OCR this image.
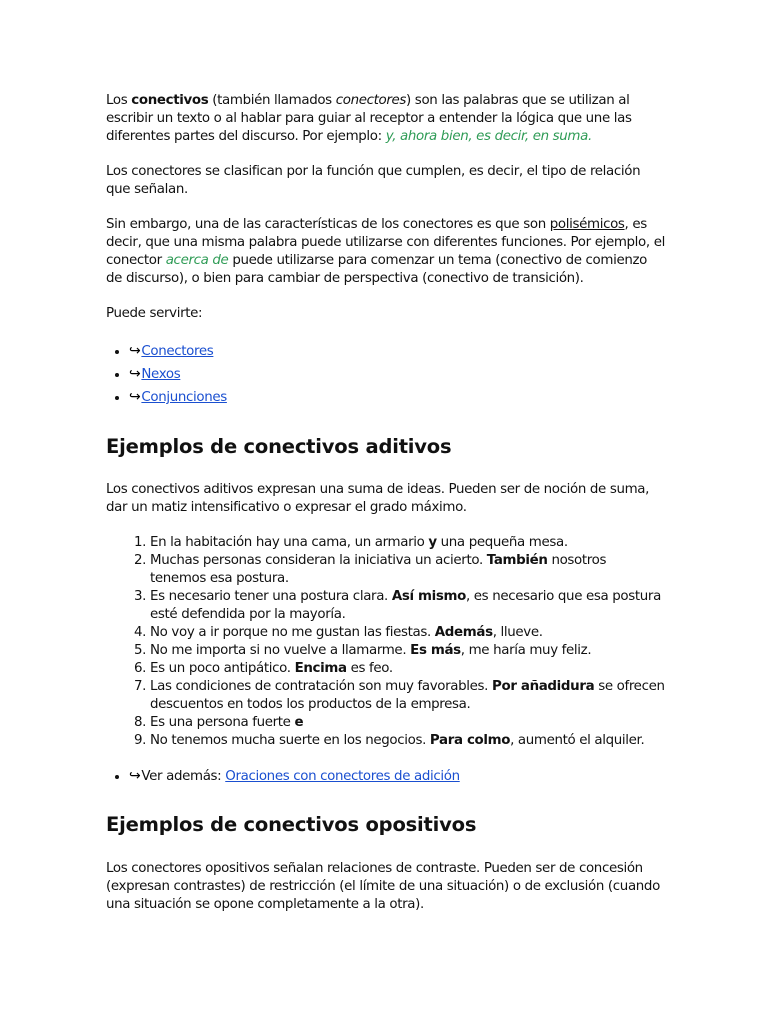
Los conectivos (también llamados conectores) son las palabras que se utilizan al escribir un texto o al hablar para guiar al receptor a entender la lógica que une las diferentes partes del discurso. Por ejemplo: y, ahora bien, es decir, en suma.

Los conectores se clasifican por la función que cumplen, es decir, el tipo de relación que señalan.

Sin embargo, una de las características de los conectores es que son polisémicos, es decir, que una misma palabra puede utilizarse con diferentes funciones. Por ejemplo, el conector acerca de puede utilizarse para comenzar un tema (conectivo de comienzo de discurso), o bien para cambiar de perspectiva (conectivo de transición).

Puede servirte:

• ↪Conectores
• ↪Nexos
• ↪Conjunciones
Ejemplos de conectivos aditivos

Los conectivos aditivos expresan una suma de ideas. Pueden ser de noción de suma, dar un matiz intensificativo o expresar el grado máximo.

1. En la habitación hay una cama, un armario y una pequeña mesa.
2. Muchas personas consideran la iniciativa un acierto. También nosotros tenemos esa postura.
3. Es necesario tener una postura clara. Así mismo, es necesario que esa postura esté defendida por la mayoría.
4. No voy a ir porque no me gustan las fiestas. Además, llueve.
5. No me importa si no vuelve a llamarme. Es más, me haría muy feliz.
6. Es un poco antipático. Encima es feo.
7. Las condiciones de contratación son muy favorables. Por añadidura se ofrecen descuentos en todos los productos de la empresa.
8. Es una persona fuerte e
9. No tenemos mucha suerte en los negocios. Para colmo, aumentó el alquiler.
• ↪Ver además: Oraciones con conectores de adición
Ejemplos de conectivos opositivos

Los conectores opositivos señalan relaciones de contraste. Pueden ser de concesión (expresan contrastes) de restricción (el límite de una situación) o de exclusión (cuando una situación se opone completamente a la otra).
